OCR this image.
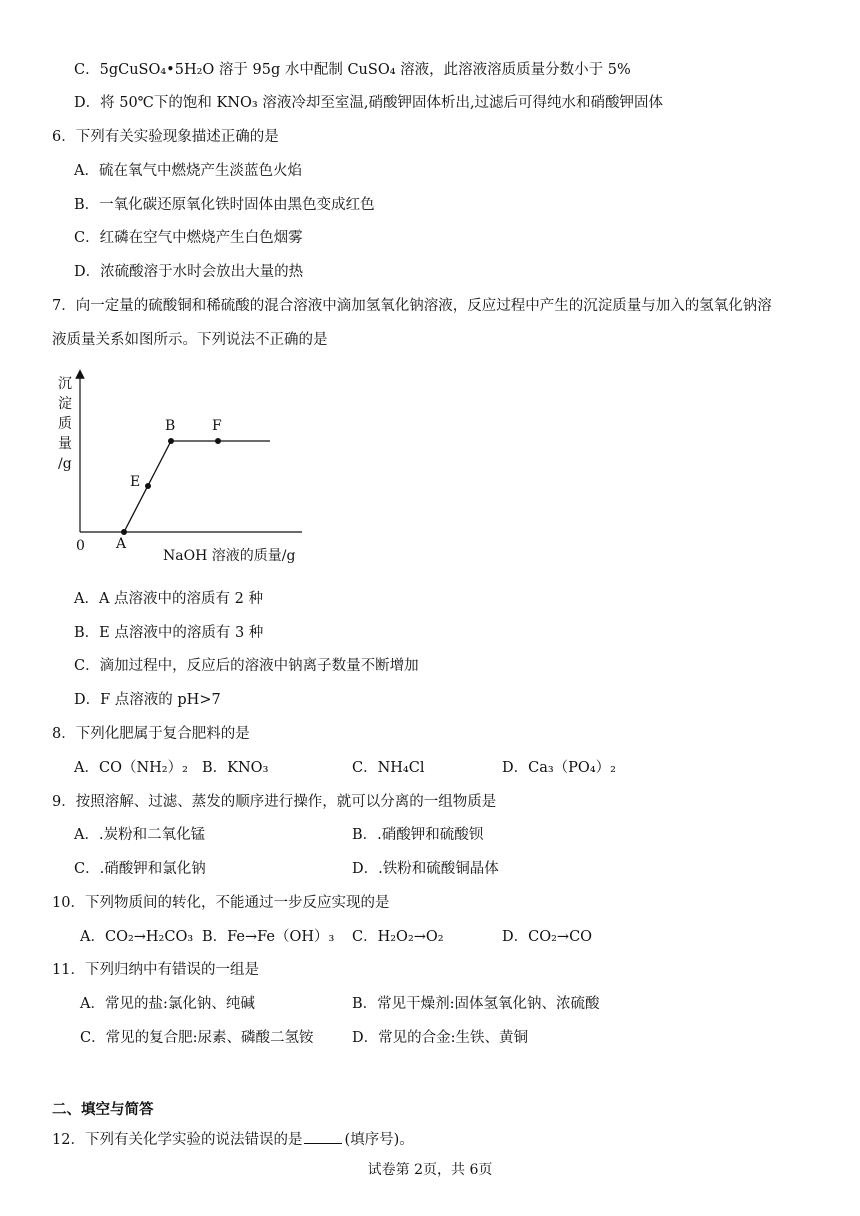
C．5gCuSO₄•5H₂O 溶于 95g 水中配制 CuSO₄ 溶液，此溶液溶质质量分数小于 5%
D．将 50℃下的饱和 KNO₃ 溶液冷却至室温,硝酸钾固体析出,过滤后可得纯水和硝酸钾固体
6．下列有关实验现象描述正确的是
A．硫在氧气中燃烧产生淡蓝色火焰
B．一氧化碳还原氧化铁时固体由黑色变成红色
C．红磷在空气中燃烧产生白色烟雾
D．浓硫酸溶于水时会放出大量的热
7．向一定量的硫酸铜和稀硫酸的混合溶液中滴加氢氧化钠溶液，反应过程中产生的沉淀质量与加入的氢氧化钠溶
液质量关系如图所示。下列说法不正确的是
沉
淀
质
量
/g
0 A
E
B	F
NaOH 溶液的质量/g
A．A 点溶液中的溶质有 2 种
B．E 点溶液中的溶质有 3 种
C．滴加过程中，反应后的溶液中钠离子数量不断增加
D．F 点溶液的 pH>7
8．下列化肥属于复合肥料的是
A．CO（NH₂）₂ B．KNO₃	C．NH₄Cl	D．Ca₃（PO₄）₂
9．按照溶解、过滤、蒸发的顺序进行操作，就可以分离的一组物质是
A．.炭粉和二氧化锰	B．.硝酸钾和硫酸钡
C．.硝酸钾和氯化钠	D．.铁粉和硫酸铜晶体
10．下列物质间的转化，不能通过一步反应实现的是
A．CO₂→H₂CO₃ B．Fe→Fe（OH）₃ C．H₂O₂→O₂	D．CO₂→CO
11．下列归纳中有错误的一组是
A．常见的盐:氯化钠、纯碱	B．常见干燥剂:固体氢氧化钠、浓硫酸
C．常见的复合肥:尿素、磷酸二氢铵	D．常见的合金:生铁、黄铜
二、填空与简答
12．下列有关化学实验的说法错误的是	(填序号)。
试卷第 2页，共 6页
